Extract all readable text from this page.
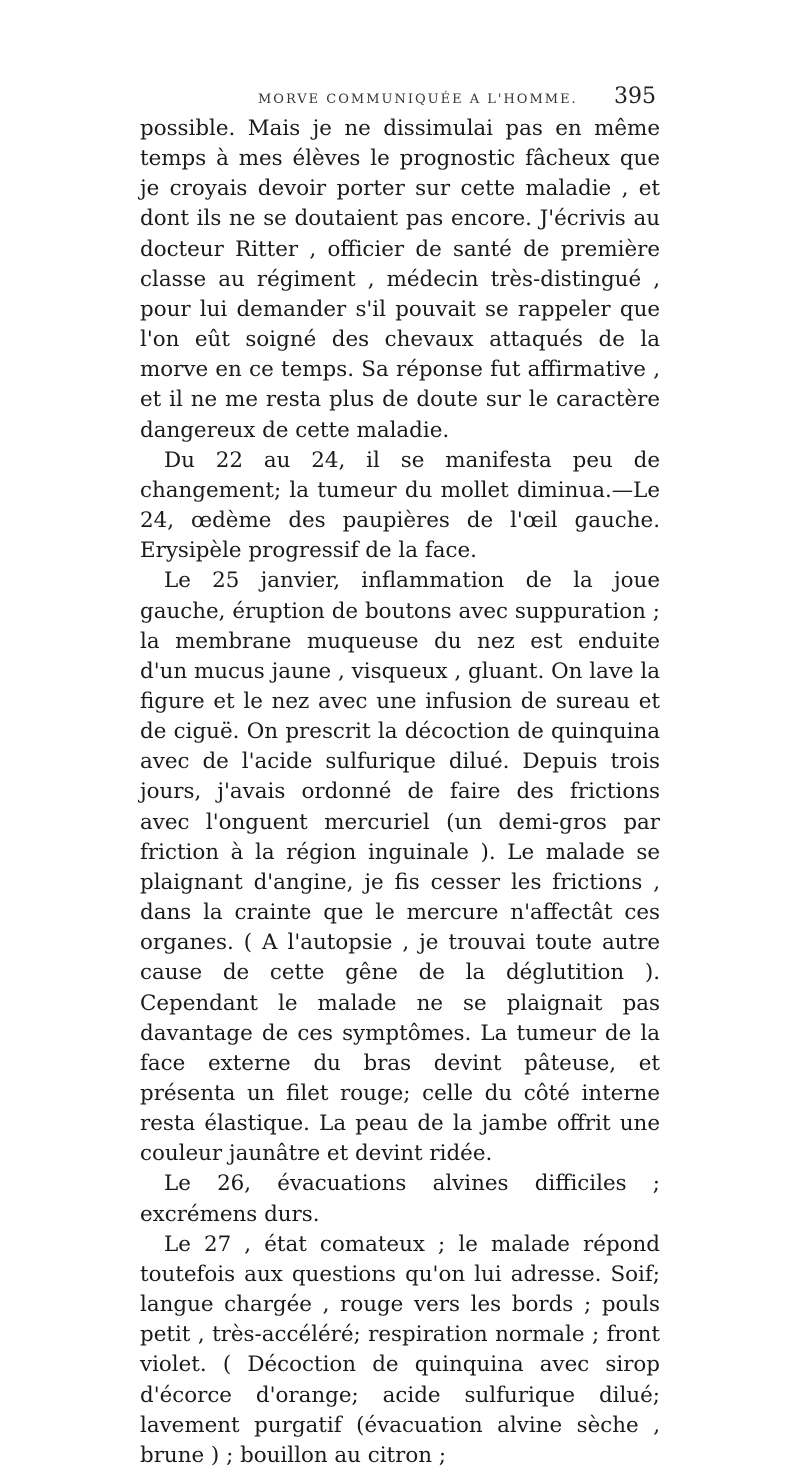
MORVE COMMUNIQUÉE A L'HOMME. 395

possible. Mais je ne dissimulai pas en même temps à mes élèves le prognostic fâcheux que je croyais devoir porter sur cette maladie , et dont ils ne se doutaient pas encore. J'écrivis au docteur Ritter , officier de santé de première classe au régiment , médecin très-distingué , pour lui demander s'il pouvait se rappeler que l'on eût soigné des chevaux attaqués de la morve en ce temps. Sa réponse fut affirmative , et il ne me resta plus de doute sur le caractère dangereux de cette maladie.

Du 22 au 24, il se manifesta peu de changement; la tumeur du mollet diminua.—Le 24, œdème des paupières de l'œil gauche. Erysipèle progressif de la face.

Le 25 janvier, inflammation de la joue gauche, éruption de boutons avec suppuration ; la membrane muqueuse du nez est enduite d'un mucus jaune , visqueux , gluant. On lave la figure et le nez avec une infusion de sureau et de ciguë. On prescrit la décoction de quinquina avec de l'acide sulfurique dilué. Depuis trois jours, j'avais ordonné de faire des frictions avec l'onguent mercuriel (un demi-gros par friction à la région inguinale ). Le malade se plaignant d'angine, je fis cesser les frictions , dans la crainte que le mercure n'affectât ces organes. ( A l'autopsie , je trouvai toute autre cause de cette gêne de la déglutition ). Cependant le malade ne se plaignait pas davantage de ces symptômes. La tumeur de la face externe du bras devint pâteuse, et présenta un filet rouge; celle du côté interne resta élastique. La peau de la jambe offrit une couleur jaunâtre et devint ridée.

Le 26, évacuations alvines difficiles ; excrémens durs.

Le 27 , état comateux ; le malade répond toutefois aux questions qu'on lui adresse. Soif; langue chargée , rouge vers les bords ; pouls petit , très-accéléré; respiration normale ; front violet. ( Décoction de quinquina avec sirop d'écorce d'orange; acide sulfurique dilué; lavement purgatif (évacuation alvine sèche , brune ) ; bouillon au citron ;
